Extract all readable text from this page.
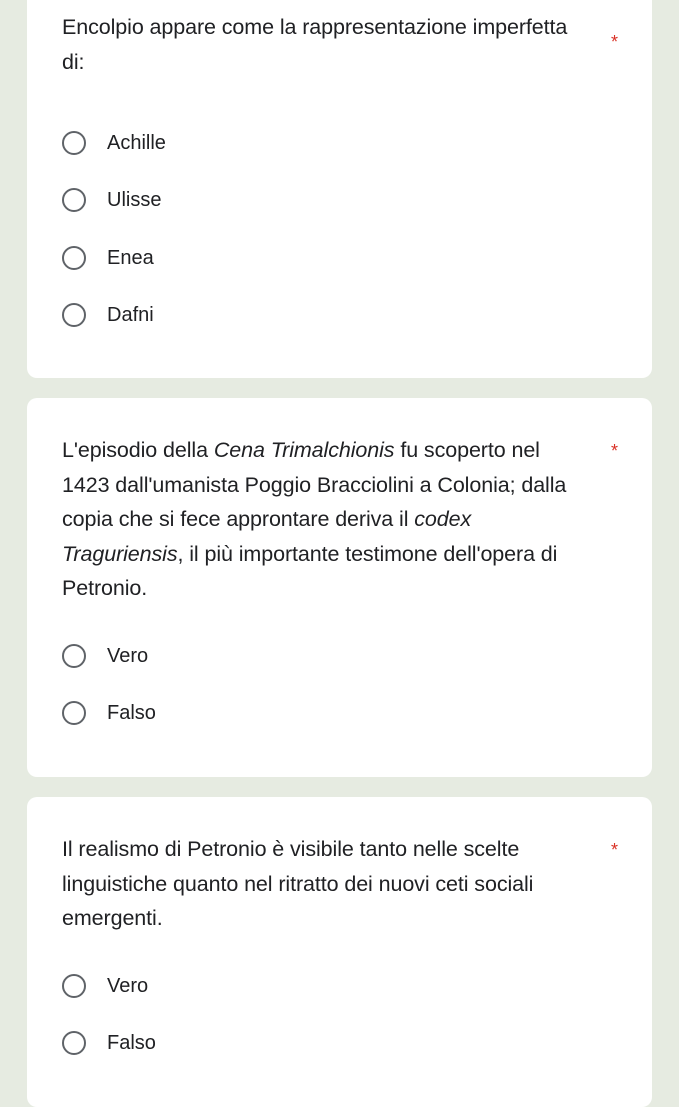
Encolpio appare come la rappresentazione imperfetta di:

*
Achille
Ulisse
Enea
Dafni

L'episodio della Cena Trimalchionis fu scoperto nel 1423 dall'umanista Poggio Bracciolini a Colonia; dalla copia che si fece approntare deriva il codex Traguriensis, il più importante testimone dell'opera di Petronio.

*
Vero
Falso

Il realismo di Petronio è visibile tanto nelle scelte linguistiche quanto nel ritratto dei nuovi ceti sociali emergenti.

*
Vero
Falso
